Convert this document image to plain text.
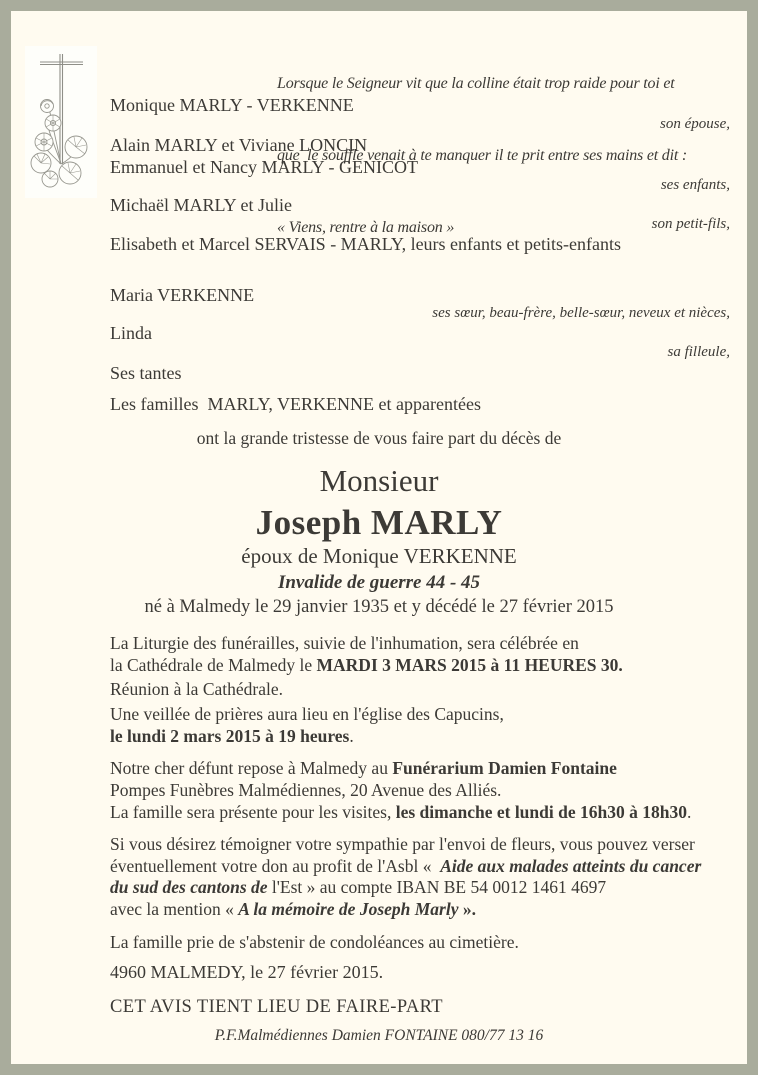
Lorsque le Seigneur vit que la colline était trop raide pour toi et

que  le souffle venait à te manquer il te prit entre ses mains et dit :

« Viens, rentre à la maison »

Monique MARLY - VERKENNE
son épouse,
Alain MARLY et Viviane LONCIN
Emmanuel et Nancy MARLY - GENICOT
ses enfants,
Michaël MARLY et Julie
son petit-fils,
Elisabeth et Marcel SERVAIS - MARLY, leurs enfants et petits-enfants
Maria VERKENNE
ses sœur, beau-frère, belle-sœur, neveux et nièces,
Linda
sa filleule,
Ses tantes
Les familles  MARLY, VERKENNE et apparentées
ont la grande tristesse de vous faire part du décès de
Monsieur
Joseph MARLY
époux de Monique VERKENNE
Invalide de guerre 44 - 45
né à Malmedy le 29 janvier 1935 et y décédé le 27 février 2015
La Liturgie des funérailles, suivie de l'inhumation, sera célébrée en
la Cathédrale de Malmedy le MARDI 3 MARS 2015 à 11 HEURES 30.
Réunion à la Cathédrale.
Une veillée de prières aura lieu en l'église des Capucins,
le lundi 2 mars 2015 à 19 heures.
Notre cher défunt repose à Malmedy au Funérarium Damien Fontaine
Pompes Funèbres Malmédiennes, 20 Avenue des Alliés.
La famille sera présente pour les visites, les dimanche et lundi de 16h30 à 18h30.
Si vous désirez témoigner votre sympathie par l'envoi de fleurs, vous pouvez verser
éventuellement votre don au profit de l'Asbl «  Aide aux malades atteints du cancer
du sud des cantons de l'Est » au compte IBAN BE 54 0012 1461 4697
avec la mention « A la mémoire de Joseph Marly ».
La famille prie de s'abstenir de condoléances au cimetière.
4960 MALMEDY, le 27 février 2015.
CET AVIS TIENT LIEU DE FAIRE-PART
P.F.Malmédiennes Damien FONTAINE 080/77 13 16
